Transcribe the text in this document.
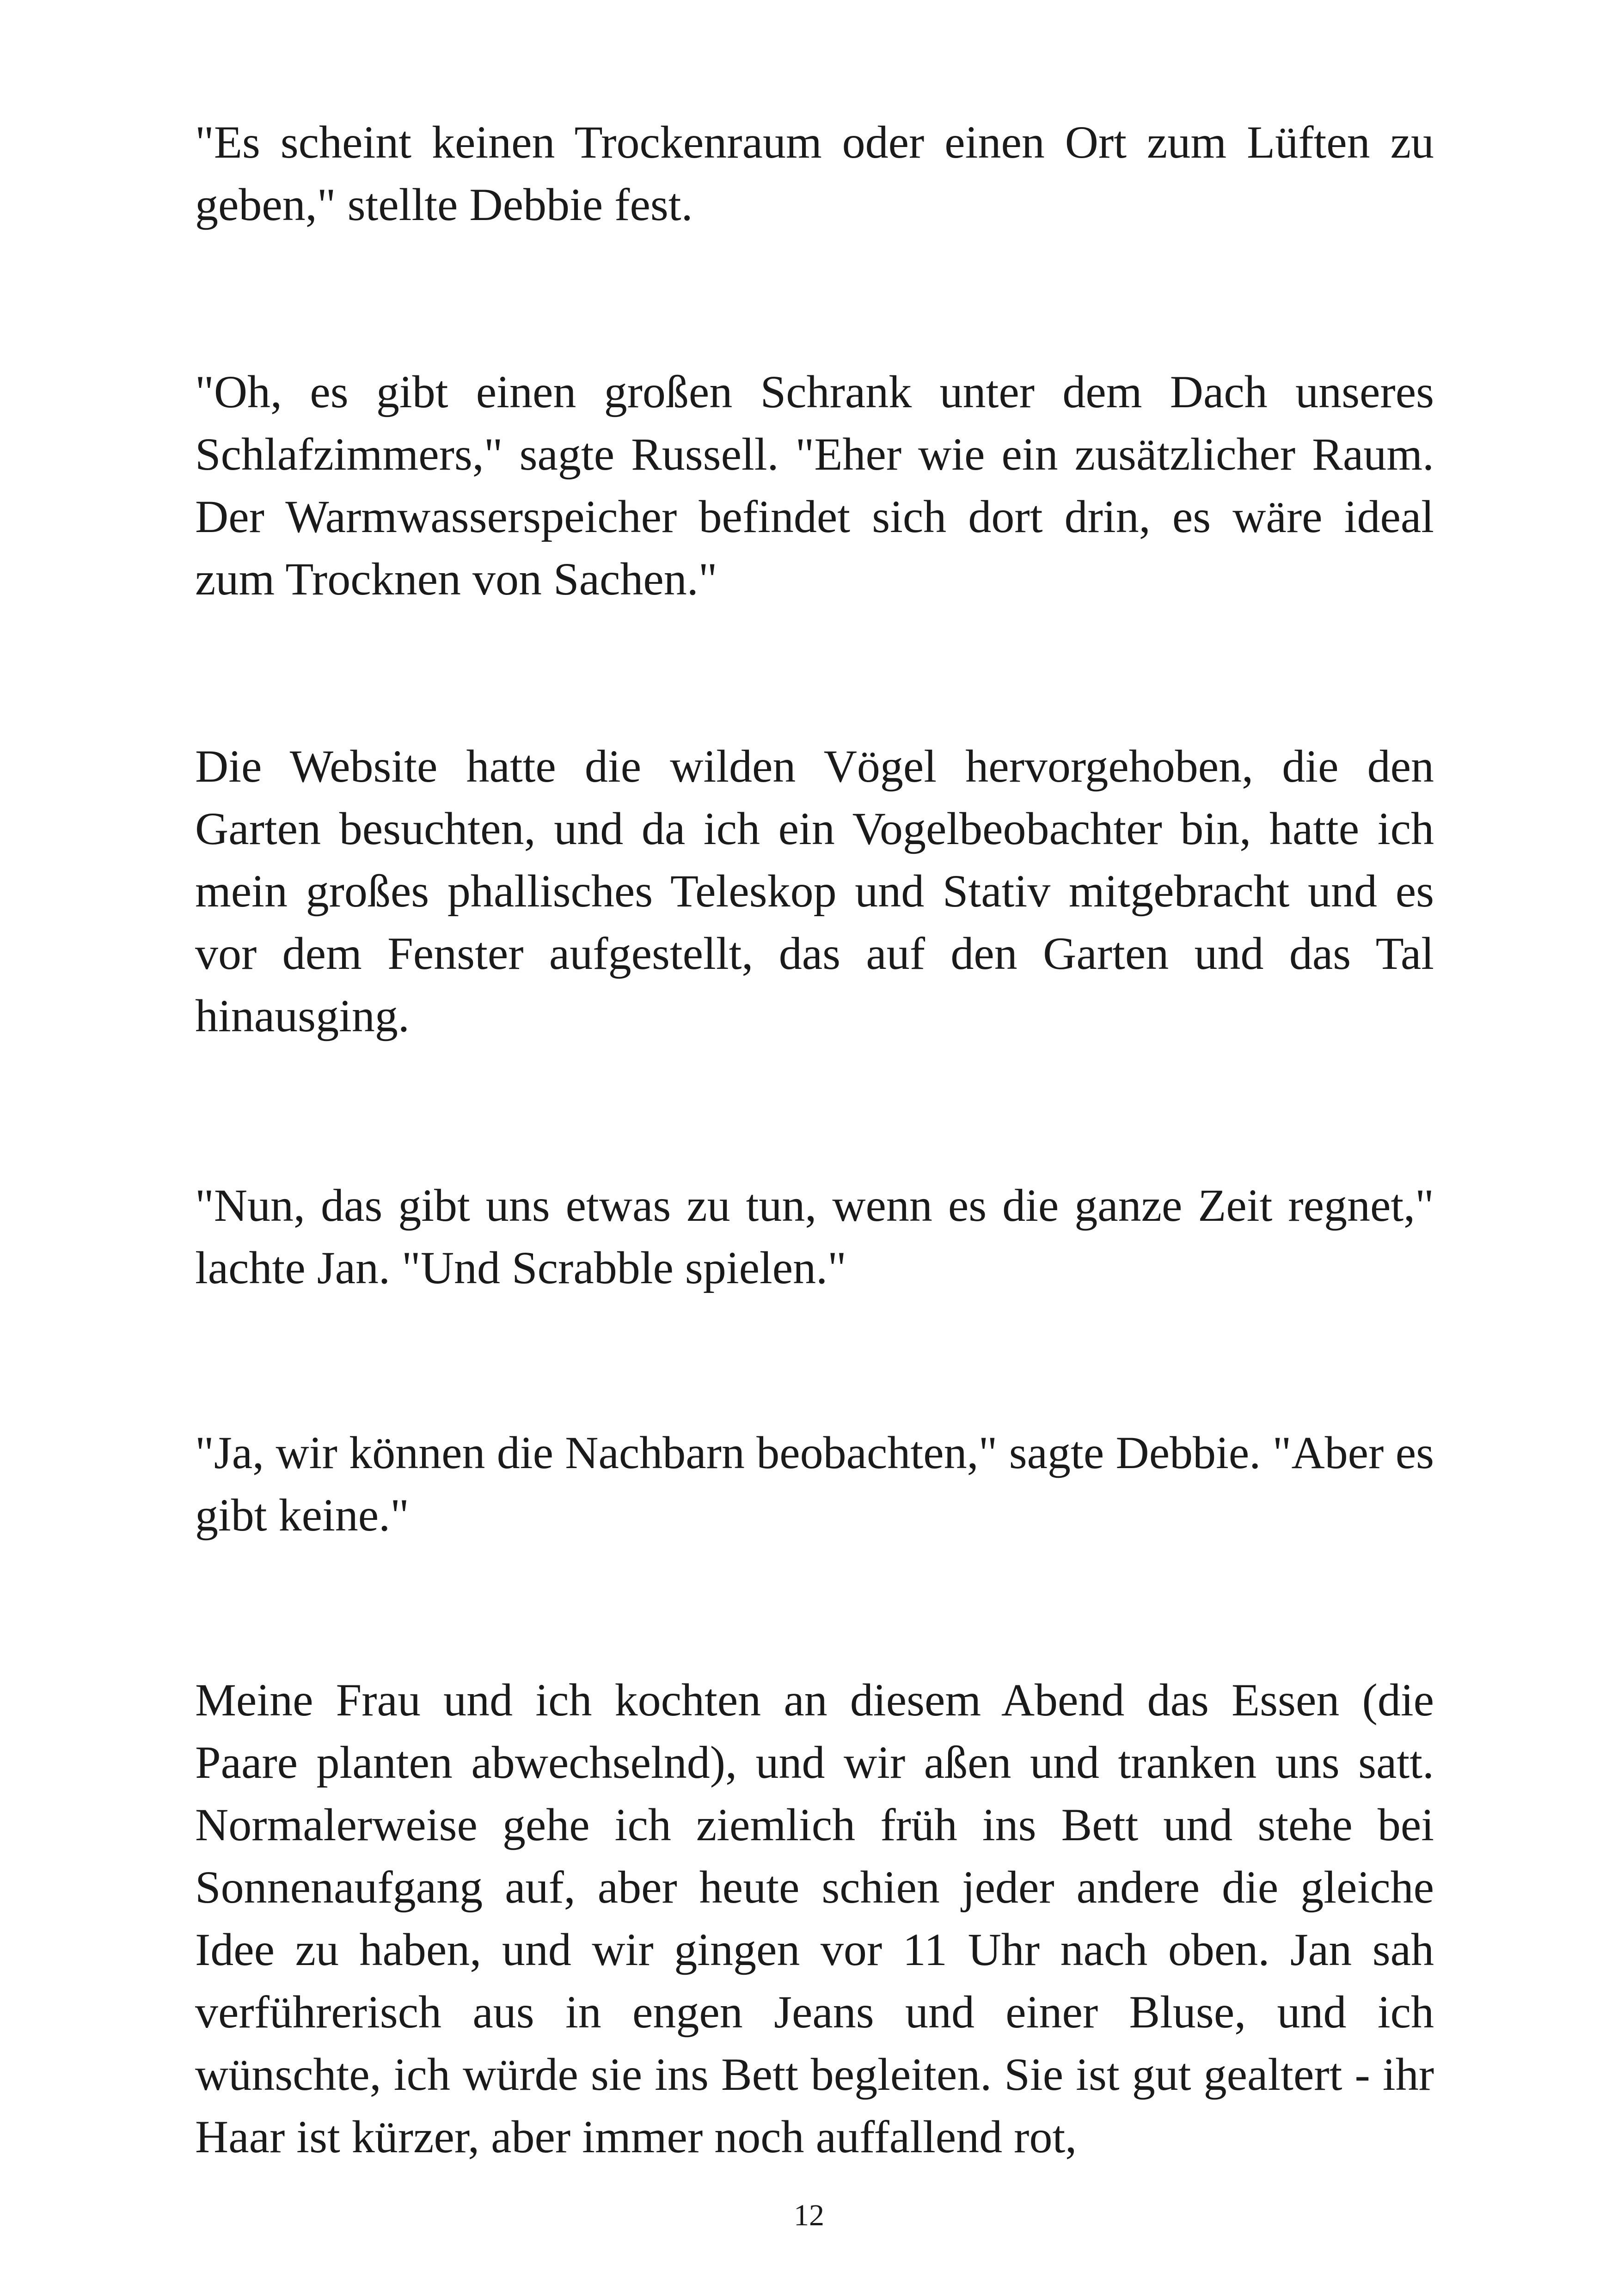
"Es scheint keinen Trockenraum oder einen Ort zum Lüften zu geben," stellte Debbie fest.

"Oh, es gibt einen großen Schrank unter dem Dach unseres Schlafzimmers," sagte Russell. "Eher wie ein zusätzlicher Raum. Der Warmwasserspeicher befindet sich dort drin, es wäre ideal zum Trocknen von Sachen."

Die Website hatte die wilden Vögel hervorgehoben, die den Garten besuchten, und da ich ein Vogelbeobachter bin, hatte ich mein großes phallisches Teleskop und Stativ mitgebracht und es vor dem Fenster aufgestellt, das auf den Garten und das Tal hinausging.

"Nun, das gibt uns etwas zu tun, wenn es die ganze Zeit regnet," lachte Jan. "Und Scrabble spielen."

"Ja, wir können die Nachbarn beobachten," sagte Debbie. "Aber es gibt keine."

Meine Frau und ich kochten an diesem Abend das Essen (die Paare planten abwechselnd), und wir aßen und tranken uns satt. Normalerweise gehe ich ziemlich früh ins Bett und stehe bei Sonnenaufgang auf, aber heute schien jeder andere die gleiche Idee zu haben, und wir gingen vor 11 Uhr nach oben. Jan sah verführerisch aus in engen Jeans und einer Bluse, und ich wünschte, ich würde sie ins Bett begleiten. Sie ist gut gealtert - ihr Haar ist kürzer, aber immer noch auffallend rot,

12
